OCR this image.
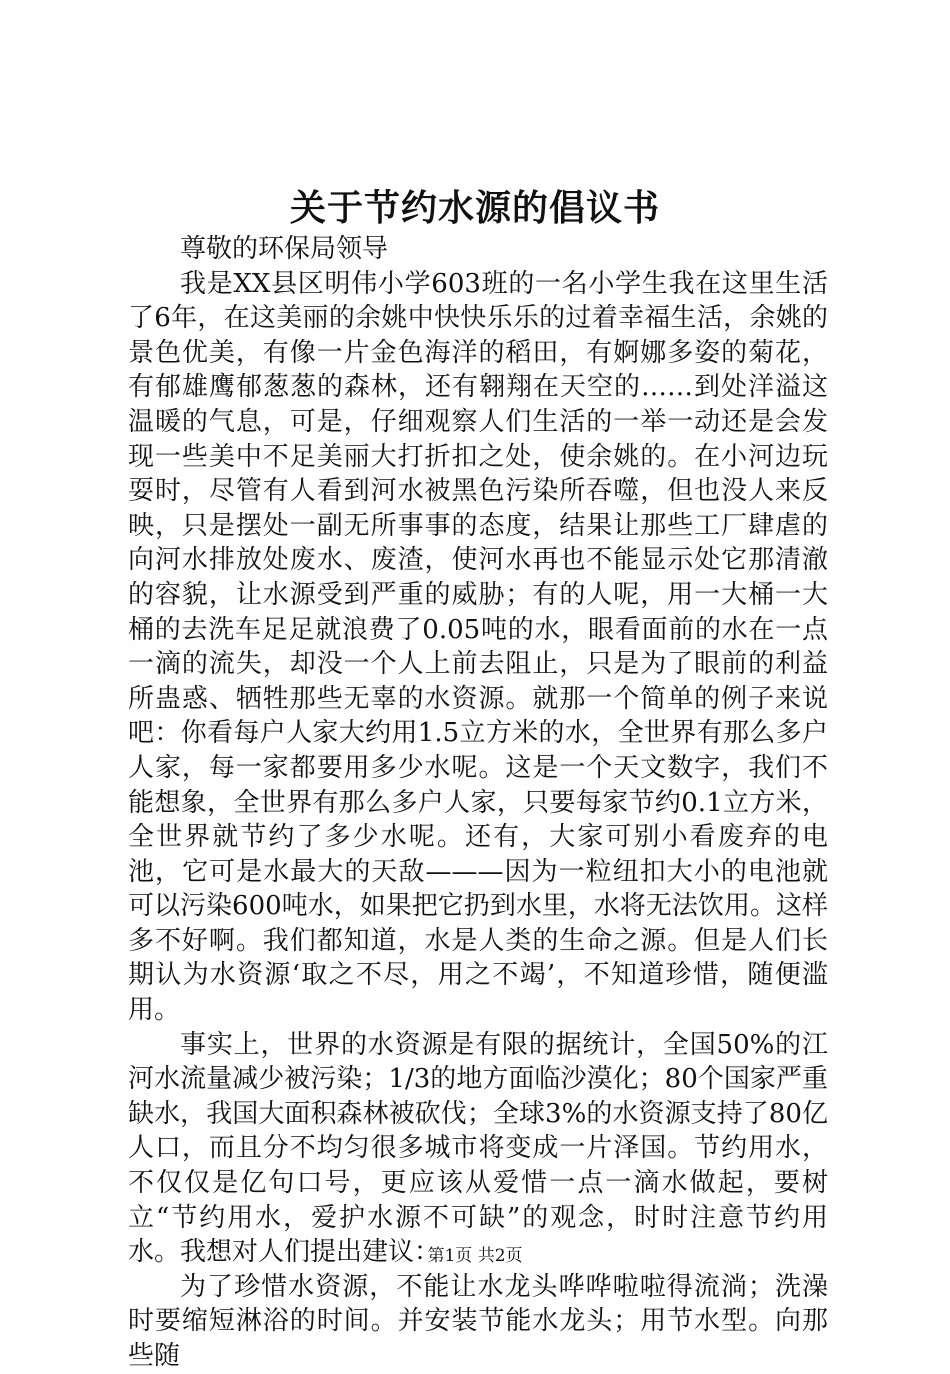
关于节约水源的倡议书

尊敬的环保局领导

我是XX县区明伟小学603班的一名小学生我在这里生活了6年，在这美丽的余姚中快快乐乐的过着幸福生活，余姚的景色优美，有像一片金色海洋的稻田，有婀娜多姿的菊花，有郁雄鹰郁葱葱的森林，还有翱翔在天空的……到处洋溢这温暖的气息，可是，仔细观察人们生活的一举一动还是会发现一些美中不足美丽大打折扣之处，使余姚的。在小河边玩耍时，尽管有人看到河水被黑色污染所吞噬，但也没人来反映，只是摆处一副无所事事的态度，结果让那些工厂肆虐的向河水排放处废水、废渣，使河水再也不能显示处它那清澈的容貌，让水源受到严重的威胁；有的人呢，用一大桶一大桶的去洗车足足就浪费了0.05吨的水，眼看面前的水在一点一滴的流失，却没一个人上前去阻止，只是为了眼前的利益所蛊惑、牺牲那些无辜的水资源。就那一个简单的例子来说吧：你看每户人家大约用1.5立方米的水，全世界有那么多户人家，每一家都要用多少水呢。这是一个天文数字，我们不能想象，全世界有那么多户人家，只要每家节约0.1立方米，全世界就节约了多少水呢。还有，大家可别小看废弃的电池，它可是水最大的天敌———因为一粒纽扣大小的电池就可以污染600吨水，如果把它扔到水里，水将无法饮用。这样多不好啊。我们都知道，水是人类的生命之源。但是人们长期认为水资源‘取之不尽，用之不竭’，不知道珍惜，随便滥用。

事实上，世界的水资源是有限的据统计，全国50%的江河水流量减少被污染；1/3的地方面临沙漠化；80个国家严重缺水，我国大面积森林被砍伐；全球3%的水资源支持了80亿人口，而且分不均匀很多城市将变成一片泽国。节约用水，不仅仅是亿句口号，更应该从爱惜一点一滴水做起，要树立“节约用水，爱护水源不可缺”的观念，时时注意节约用水。我想对人们提出建议：

为了珍惜水资源，不能让水龙头哗哗啦啦得流淌；洗澡时要缩短淋浴的时间。并安装节能水龙头；用节水型。向那些随

第1页 共2页
